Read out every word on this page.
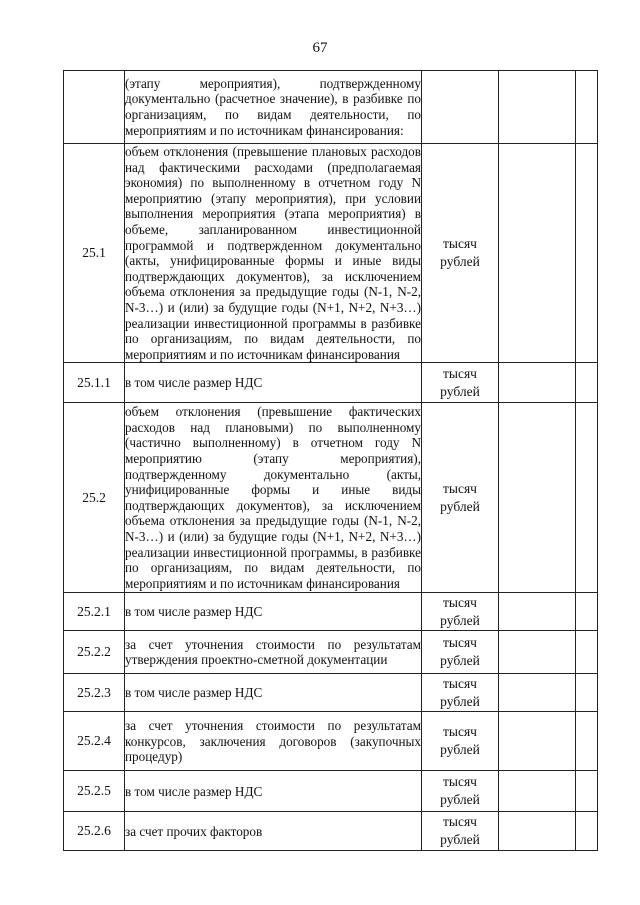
67
	(этапу мероприятия), подтвержденному документально (расчетное значение), в разбивке по организациям, по видам деятельности, по мероприятиям и по источникам финансирования:			
25.1	объем отклонения (превышение плановых расходов над фактическими расходами (предполагаемая экономия) по выполненному в отчетном году N мероприятию (этапу мероприятия), при условии выполнения мероприятия (этапа мероприятия) в объеме, запланированном инвестиционной программой и подтвержденном документально (акты, унифицированные формы и иные виды подтверждающих документов), за исключением объема отклонения за предыдущие годы (N-1, N-2, N-3…) и (или) за будущие годы (N+1, N+2, N+3…) реализации инвестиционной программы в разбивке по организациям, по видам деятельности, по мероприятиям и по источникам финансирования	тысяч рублей		
25.1.1	в том числе размер НДС	тысяч рублей		
25.2	объем отклонения (превышение фактических расходов над плановыми) по выполненному (частично выполненному) в отчетном году N мероприятию (этапу мероприятия), подтвержденному документально (акты, унифицированные формы и иные виды подтверждающих документов), за исключением объема отклонения за предыдущие годы (N-1, N-2, N-3…) и (или) за будущие годы (N+1, N+2, N+3…) реализации инвестиционной программы, в разбивке по организациям, по видам деятельности, по мероприятиям и по источникам финансирования	тысяч рублей		
25.2.1	в том числе размер НДС	тысяч рублей		
25.2.2	за счет уточнения стоимости по результатам утверждения проектно-сметной документации	тысяч рублей		
25.2.3	в том числе размер НДС	тысяч рублей		
25.2.4	за счет уточнения стоимости по результатам конкурсов, заключения договоров (закупочных процедур)	тысяч рублей		
25.2.5	в том числе размер НДС	тысяч рублей		
25.2.6	за счет прочих факторов	тысяч рублей		
